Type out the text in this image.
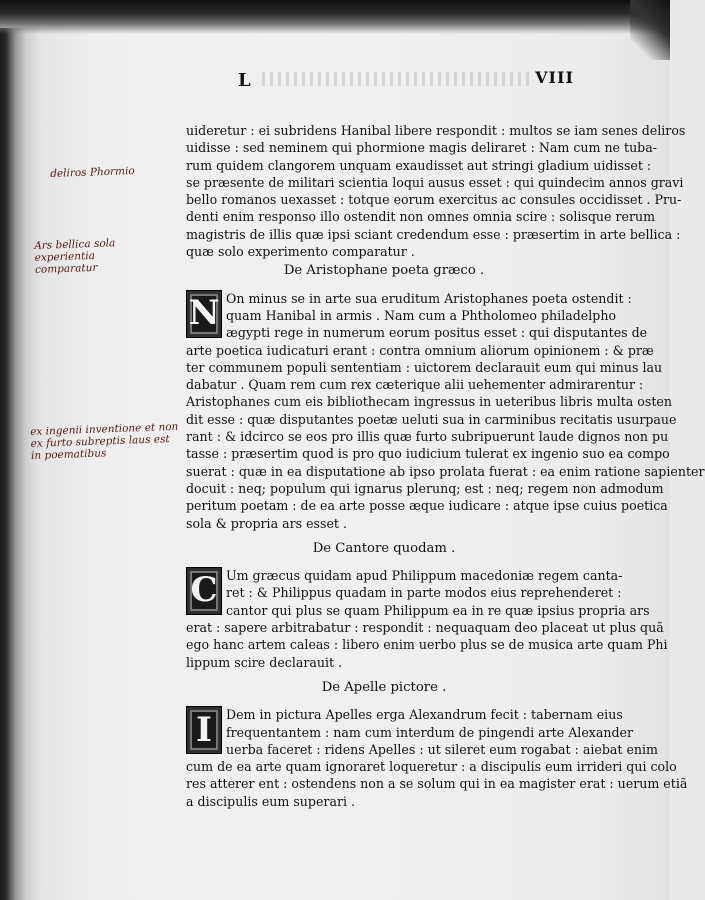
L	VIII
deliros Phormio
Ars bellica sola experientia comparatur
ex ingenii inventione et non ex furto subreptis laus est in poematibus
uideretur : ei subridens Hanibal libere respondit : multos se iam senes deliros
uidisse : sed neminem qui phormione magis deliraret : Nam cum ne tuba-
rum quidem clangorem unquam exaudisset aut stringi gladium uidisset :
se præsente de militari scientia loqui ausus esset : qui quindecim annos gravi
bello romanos uexasset : totque eorum exercitus ac consules occidisset . Pru-
denti enim responso illo ostendit non omnes omnia scire : solisque rerum
magistris de illis quæ ipsi sciant credendum esse : præsertim in arte bellica :
quæ solo experimento comparatur .
De Aristophane poeta græco .
N On minus se in arte sua eruditum Aristophanes poeta ostendit :
quam Hanibal in armis . Nam cum a Phtholomeo philadelpho
ægypti rege in numerum eorum positus esset : qui disputantes de
arte poetica iudicaturi erant : contra omnium aliorum opinionem : & præ
ter communem populi sententiam : uictorem declarauit eum qui minus lau
dabatur . Quam rem cum rex cæterique alii uehementer admirarentur :
Aristophanes cum eis bibliothecam ingressus in ueteribus libris multa osten
dit esse : quæ disputantes poetæ ueluti sua in carminibus recitatis usurpaue
rant : & idcirco se eos pro illis quæ furto subripuerunt laude dignos non pu
tasse : præsertim quod is pro quo iudicium tulerat ex ingenio suo ea compo
suerat : quæ in ea disputatione ab ipso prolata fuerat : ea enim ratione sapienter
docuit : neq; populum qui ignarus plerunq; est : neq; regem non admodum
peritum poetam : de ea arte posse æque iudicare : atque ipse cuius poetica
sola & propria ars esset .
De Cantore quodam .
C Um græcus quidam apud Philippum macedoniæ regem canta-
ret : & Philippus quadam in parte modos eius reprehenderet :
cantor qui plus se quam Philippum ea in re quæ ipsius propria ars
erat : sapere arbitrabatur : respondit : nequaquam deo placeat ut plus quã
ego hanc artem caleas : libero enim uerbo plus se de musica arte quam Phi
lippum scire declarauit .
De Apelle pictore .
I	Dem in pictura Apelles erga Alexandrum fecit : tabernam eius
frequentantem : nam cum interdum de pingendi arte Alexander
uerba faceret : ridens Apelles : ut sileret eum rogabat : aiebat enim
cum de ea arte quam ignoraret loqueretur : a discipulis eum irrideri qui colo
res atterer ent : ostendens non a se solum qui in ea magister erat : uerum etiã
a discipulis eum superari .
